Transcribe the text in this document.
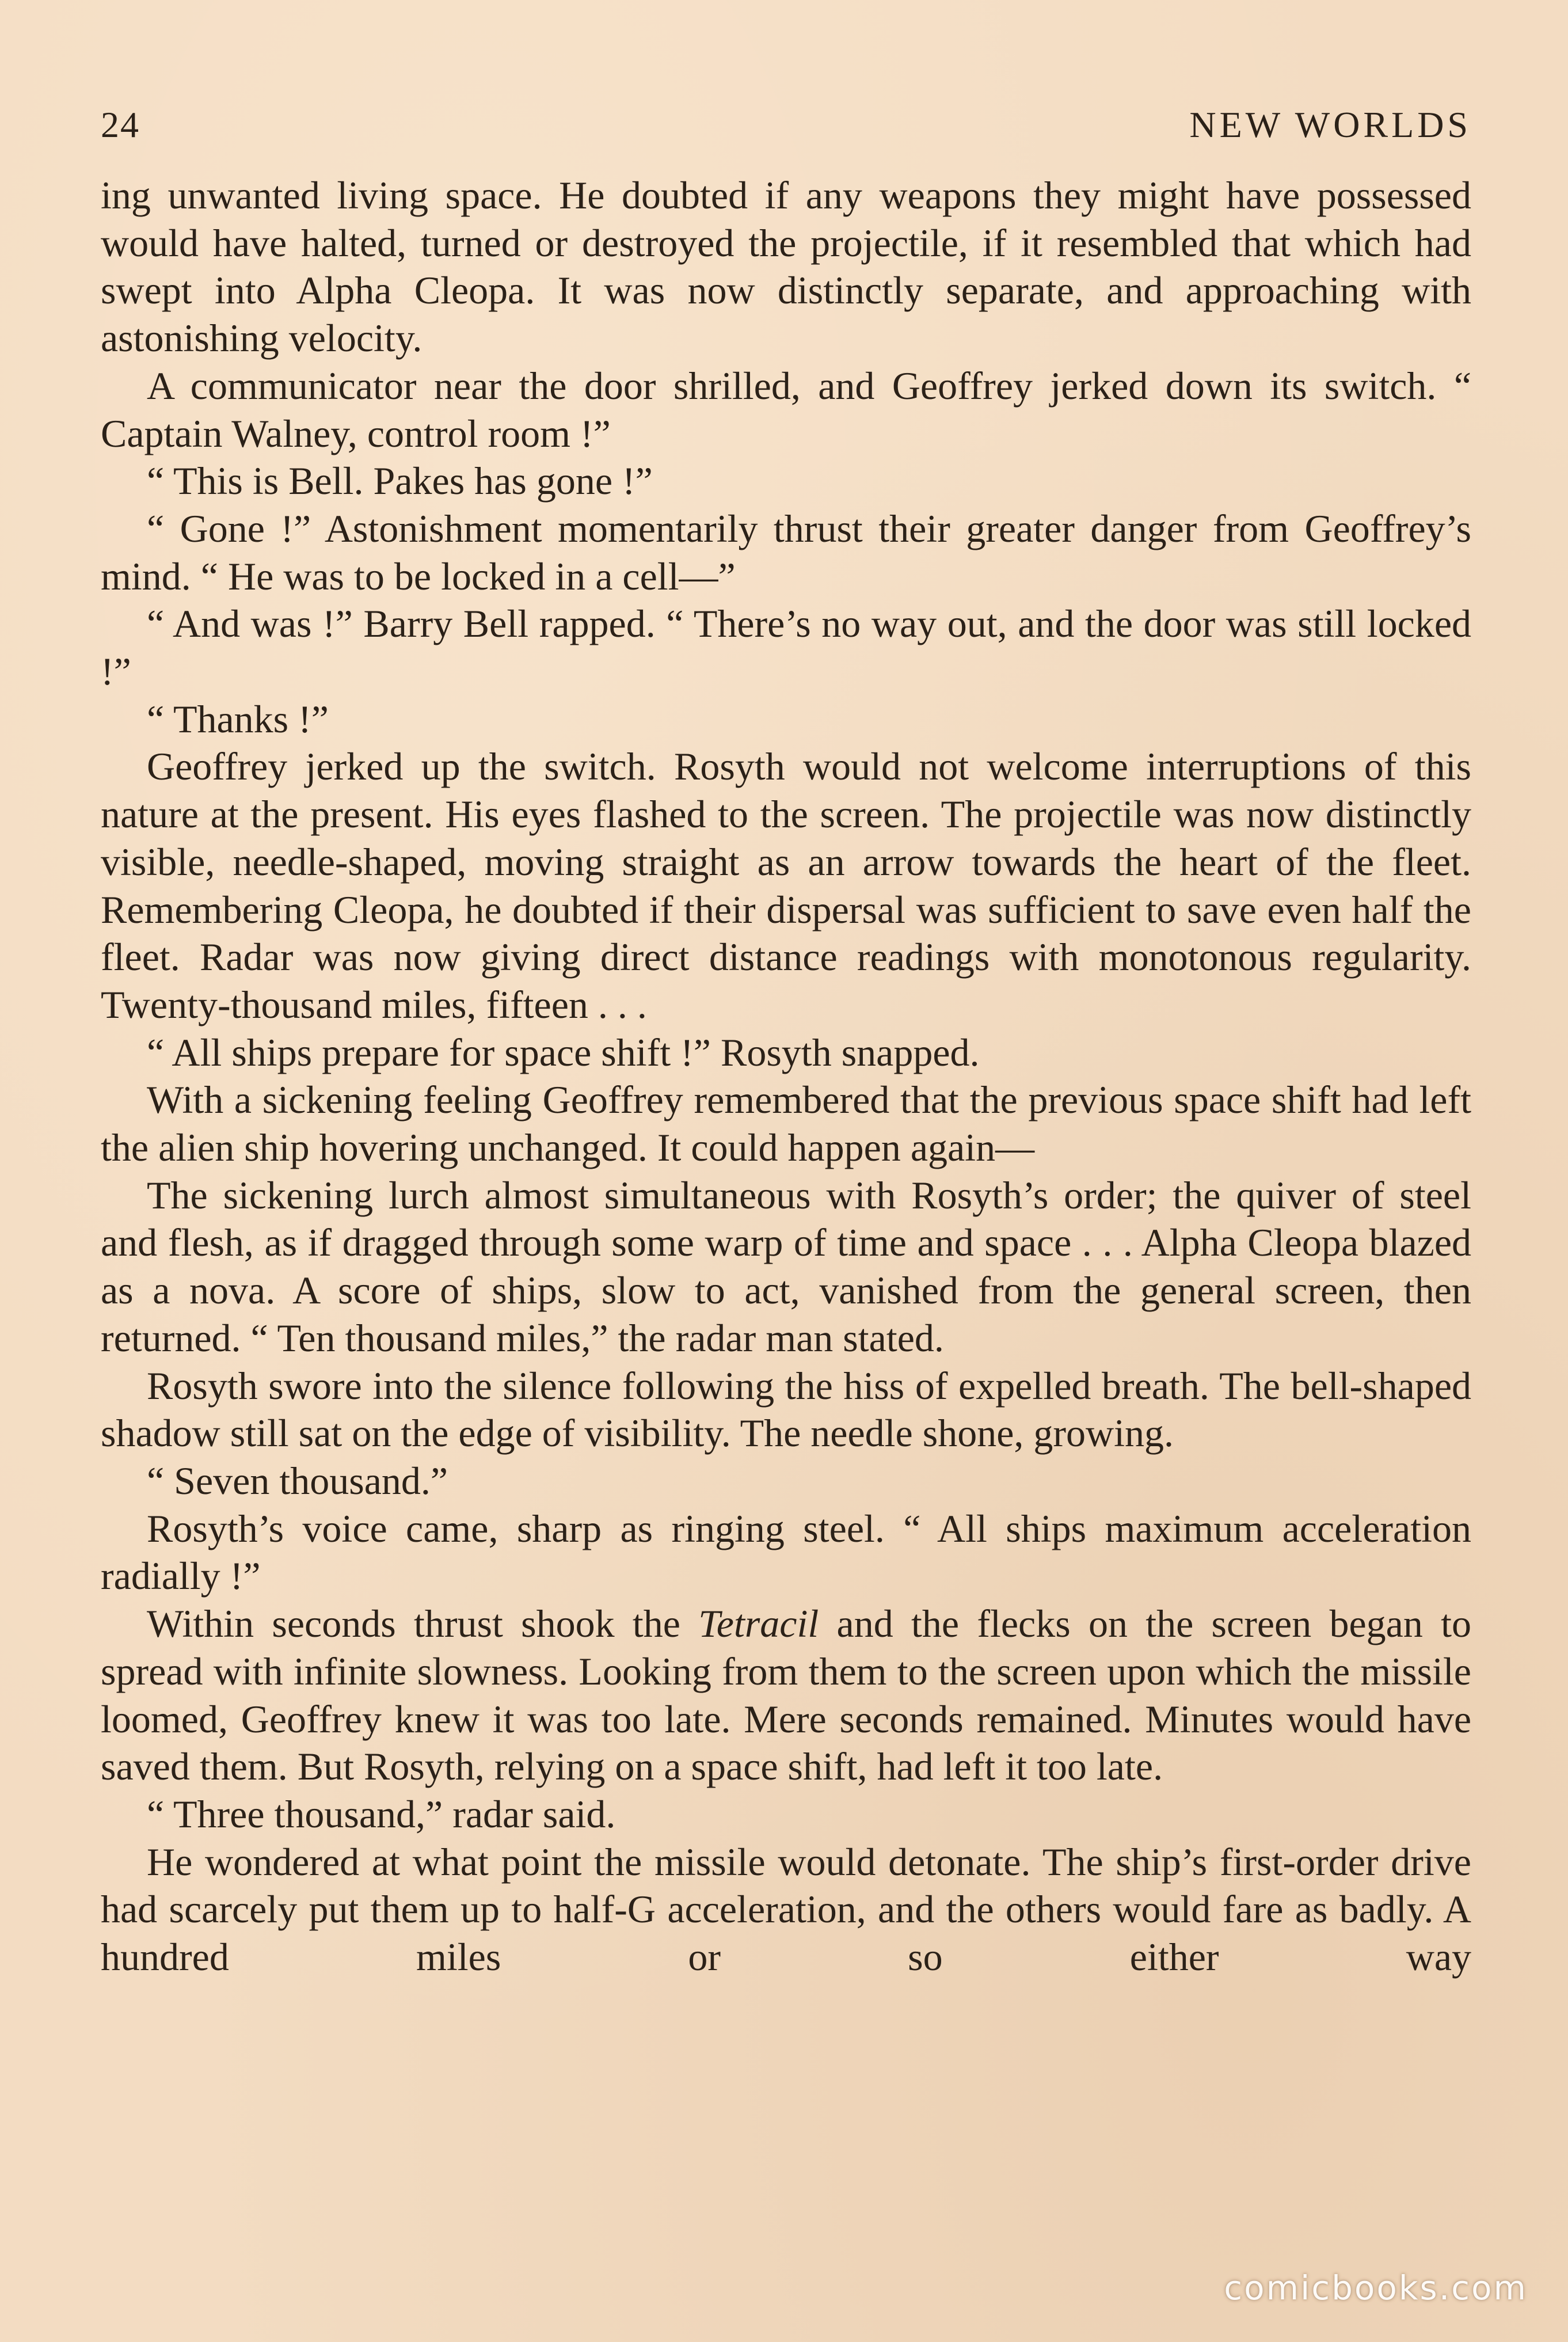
24	NEW WORLDS

ing unwanted living space. He doubted if any weapons they might have possessed would have halted, turned or destroyed the projectile, if it resembled that which had swept into Alpha Cleopa. It was now distinctly separate, and approaching with astonishing velocity.

A communicator near the door shrilled, and Geoffrey jerked down its switch. “ Captain Walney, control room !”

“ This is Bell. Pakes has gone !”

“ Gone !” Astonishment momentarily thrust their greater danger from Geoffrey’s mind. “ He was to be locked in a cell—”

“ And was !” Barry Bell rapped. “ There’s no way out, and the door was still locked !”

“ Thanks !”

Geoffrey jerked up the switch. Rosyth would not welcome interruptions of this nature at the present. His eyes flashed to the screen. The projectile was now distinctly visible, needle-shaped, moving straight as an arrow towards the heart of the fleet. Remembering Cleopa, he doubted if their dispersal was sufficient to save even half the fleet. Radar was now giving direct distance readings with monotonous regularity. Twenty-thousand miles, fifteen . . .

“ All ships prepare for space shift !” Rosyth snapped.

With a sickening feeling Geoffrey remembered that the previous space shift had left the alien ship hovering unchanged. It could happen again—

The sickening lurch almost simultaneous with Rosyth’s order; the quiver of steel and flesh, as if dragged through some warp of time and space . . . Alpha Cleopa blazed as a nova. A score of ships, slow to act, vanished from the general screen, then returned. “ Ten thousand miles,” the radar man stated.

Rosyth swore into the silence following the hiss of expelled breath. The bell-shaped shadow still sat on the edge of visibility. The needle shone, growing.

“ Seven thousand.”

Rosyth’s voice came, sharp as ringing steel. “ All ships maximum acceleration radially !”

Within seconds thrust shook the Tetracil and the flecks on the screen began to spread with infinite slowness. Looking from them to the screen upon which the missile loomed, Geoffrey knew it was too late. Mere seconds remained. Minutes would have saved them. But Rosyth, relying on a space shift, had left it too late.

“ Three thousand,” radar said.

He wondered at what point the missile would detonate. The ship’s first-order drive had scarcely put them up to half-G acceleration, and the others would fare as badly. A hundred miles or so either way

comicbooks.com
